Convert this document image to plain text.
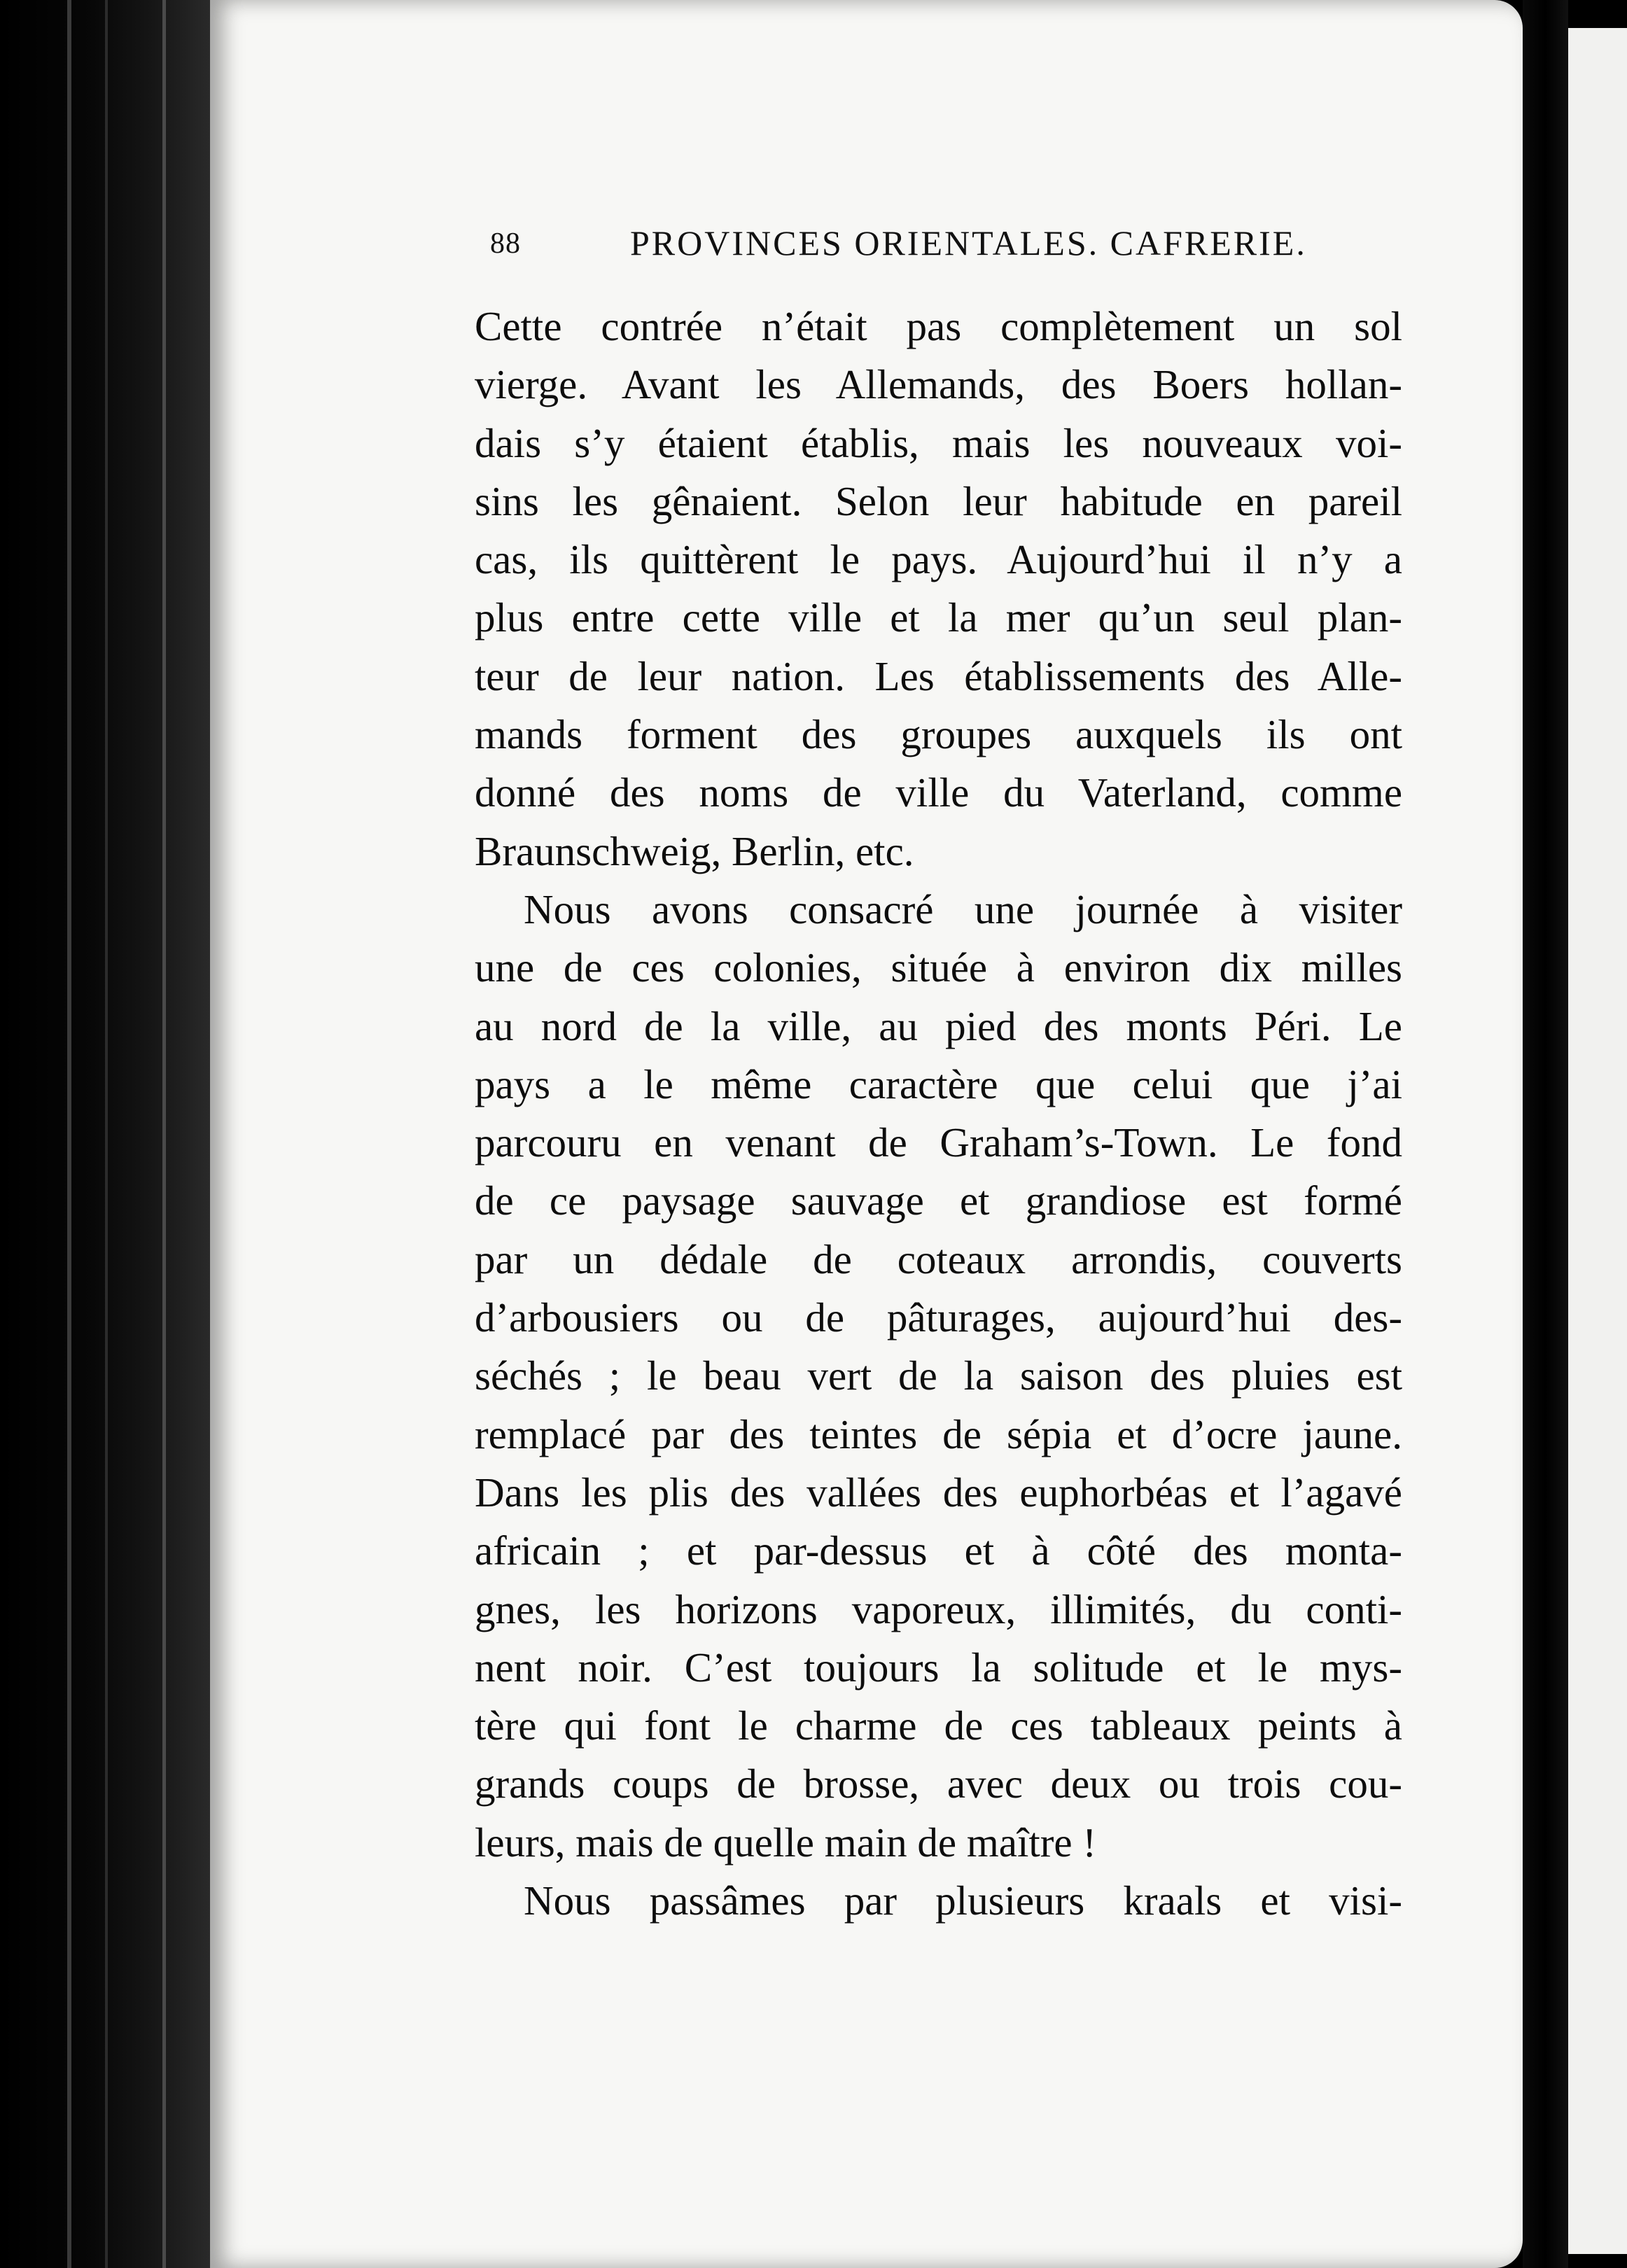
88	PROVINCES ORIENTALES. CAFRERIE.
Cette contrée n’était pas complètement un sol
vierge. Avant les Allemands, des Boers hollan-
dais s’y étaient établis, mais les nouveaux voi-
sins les gênaient. Selon leur habitude en pareil
cas, ils quittèrent le pays. Aujourd’hui il n’y a
plus entre cette ville et la mer qu’un seul plan-
teur de leur nation. Les établissements des Alle-
mands forment des groupes auxquels ils ont
donné des noms de ville du Vaterland, comme
Braunschweig, Berlin, etc.
Nous avons consacré une journée à visiter
une de ces colonies, située à environ dix milles
au nord de la ville, au pied des monts Péri. Le
pays a le même caractère que celui que j’ai
parcouru en venant de Graham’s-Town. Le fond
de ce paysage sauvage et grandiose est formé
par un dédale de coteaux arrondis, couverts
d’arbousiers ou de pâturages, aujourd’hui des-
séchés ; le beau vert de la saison des pluies est
remplacé par des teintes de sépia et d’ocre jaune.
Dans les plis des vallées des euphorbéas et l’agavé
africain ; et par-dessus et à côté des monta-
gnes, les horizons vaporeux, illimités, du conti-
nent noir. C’est toujours la solitude et le mys-
tère qui font le charme de ces tableaux peints à
grands coups de brosse, avec deux ou trois cou-
leurs, mais de quelle main de maître !
Nous passâmes par plusieurs kraals et visi-
